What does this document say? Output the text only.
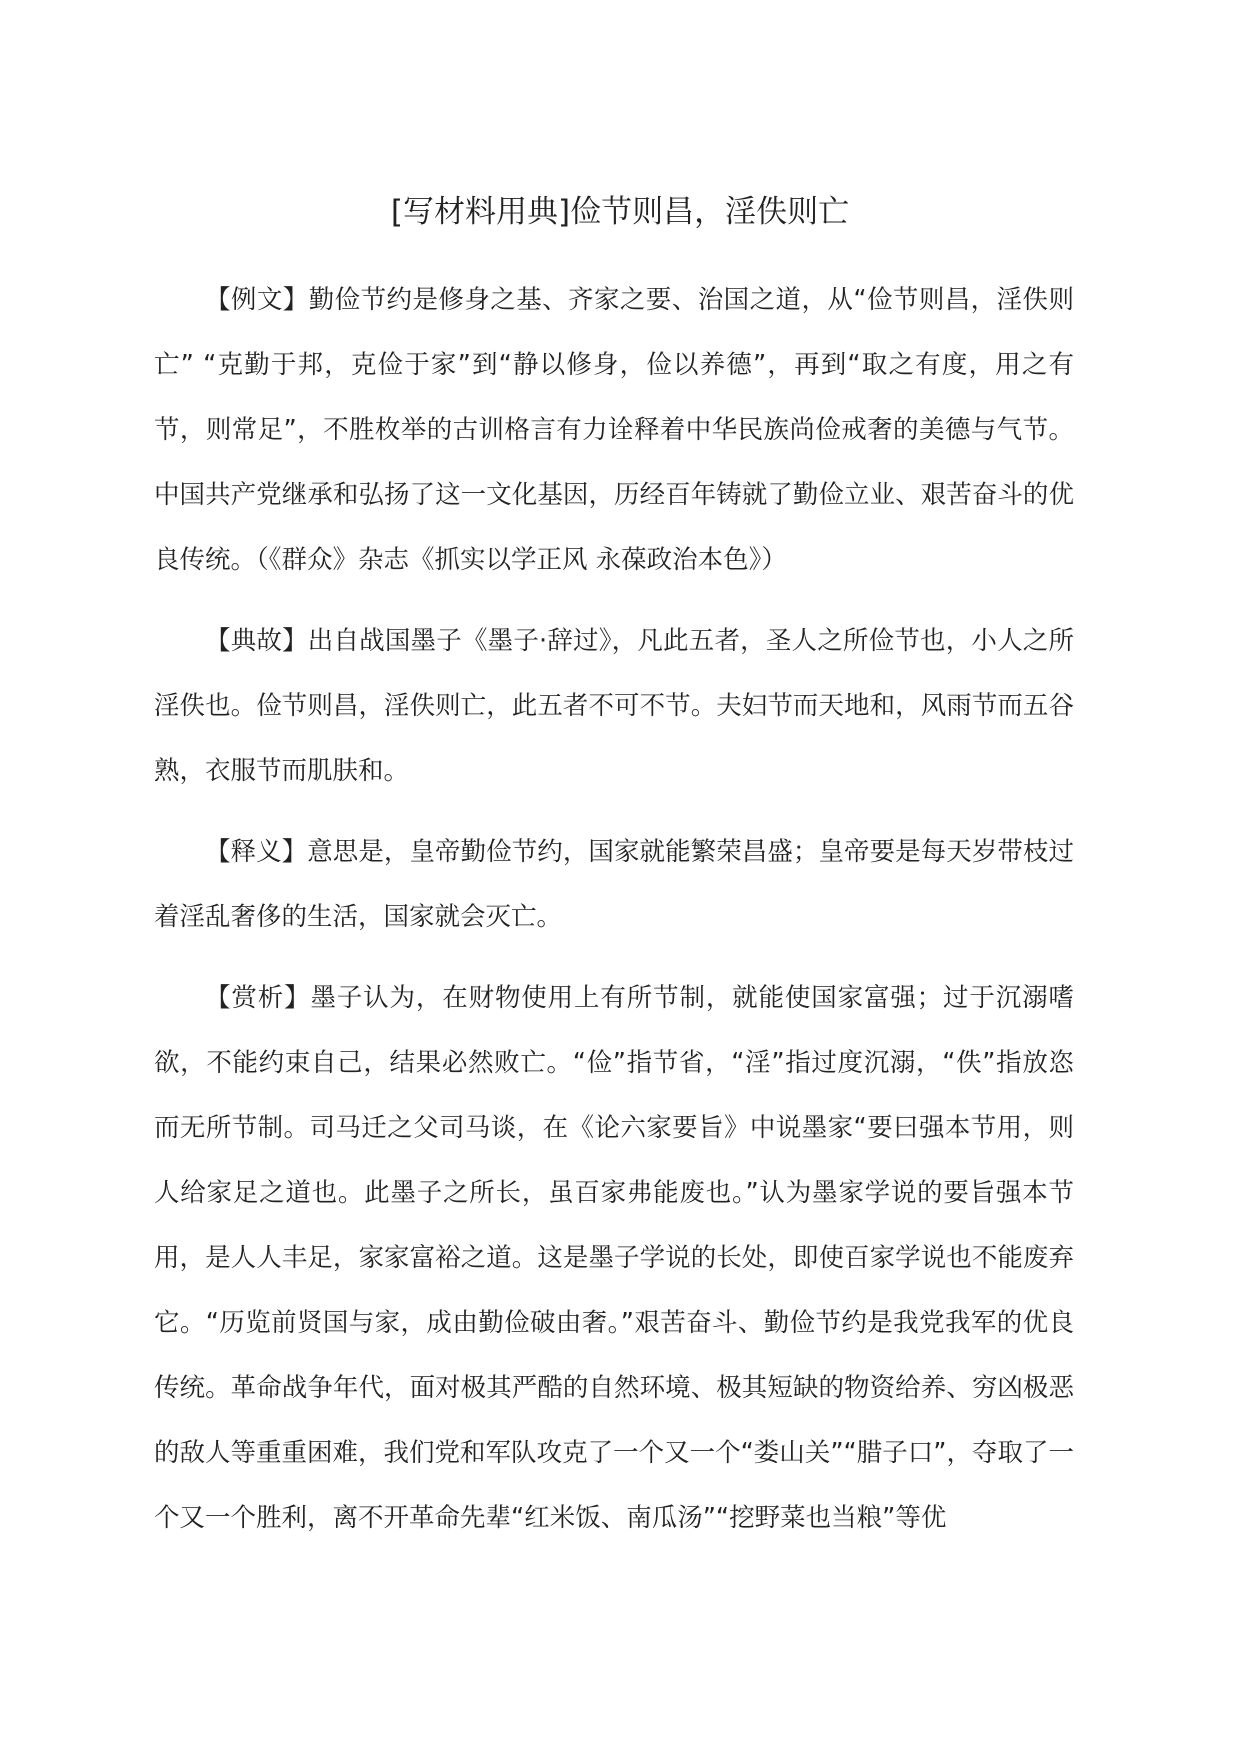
[写材料用典]俭节则昌，淫佚则亡

【例文】勤俭节约是修身之基、齐家之要、治国之道，从“俭节则昌，淫佚则亡” “克勤于邦，克俭于家”到“静以修身，俭以养德”，再到“取之有度，用之有节，则常足”，不胜枚举的古训格言有力诠释着中华民族尚俭戒奢的美德与气节。中国共产党继承和弘扬了这一文化基因，历经百年铸就了勤俭立业、艰苦奋斗的优良传统。（《群众》杂志《抓实以学正风 永葆政治本色》）

【典故】出自战国墨子《墨子·辞过》，凡此五者，圣人之所俭节也，小人之所淫佚也。俭节则昌，淫佚则亡，此五者不可不节。夫妇节而天地和，风雨节而五谷熟，衣服节而肌肤和。

【释义】意思是，皇帝勤俭节约，国家就能繁荣昌盛；皇帝要是每天岁带枝过着淫乱奢侈的生活，国家就会灭亡。

【赏析】墨子认为，在财物使用上有所节制，就能使国家富强；过于沉溺嗜欲，不能约束自己，结果必然败亡。“俭”指节省，“淫”指过度沉溺，“佚”指放恣而无所节制。司马迁之父司马谈，在《论六家要旨》中说墨家“要曰强本节用，则人给家足之道也。此墨子之所长，虽百家弗能废也。”认为墨家学说的要旨强本节用，是人人丰足，家家富裕之道。这是墨子学说的长处，即使百家学说也不能废弃它。“历览前贤国与家，成由勤俭破由奢。”艰苦奋斗、勤俭节约是我党我军的优良传统。革命战争年代，面对极其严酷的自然环境、极其短缺的物资给养、穷凶极恶的敌人等重重困难，我们党和军队攻克了一个又一个“娄山关”“腊子口”，夺取了一个又一个胜利，离不开革命先辈“红米饭、南瓜汤”“挖野菜也当粮”等优
